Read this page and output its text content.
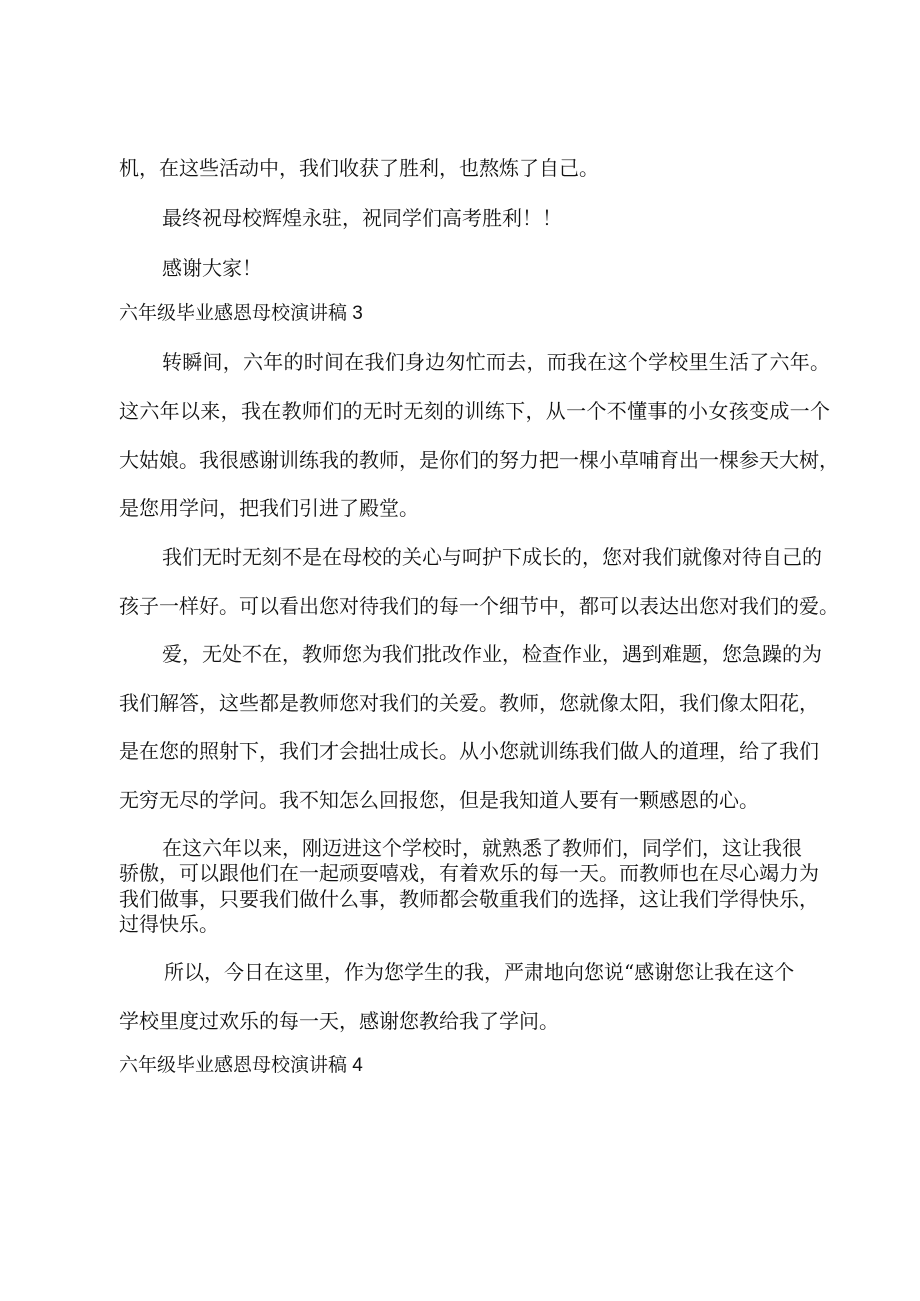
机，在这些活动中，我们收获了胜利，也熬炼了自己。
最终祝母校辉煌永驻，祝同学们高考胜利！！
感谢大家！
六年级毕业感恩母校演讲稿 3
转瞬间，六年的时间在我们身边匆忙而去，而我在这个学校里生活了六年。
这六年以来，我在教师们的无时无刻的训练下，从一个不懂事的小女孩变成一个
大姑娘。我很感谢训练我的教师，是你们的努力把一棵小草哺育出一棵参天大树，
是您用学问，把我们引进了殿堂。
我们无时无刻不是在母校的关心与呵护下成长的，您对我们就像对待自己的
孩子一样好。可以看出您对待我们的每一个细节中，都可以表达出您对我们的爱。
爱，无处不在，教师您为我们批改作业，检查作业，遇到难题，您急躁的为
我们解答，这些都是教师您对我们的关爱。教师，您就像太阳，我们像太阳花，
是在您的照射下，我们才会拙壮成长。从小您就训练我们做人的道理，给了我们
无穷无尽的学问。我不知怎么回报您，但是我知道人要有一颗感恩的心。
在这六年以来，刚迈进这个学校时，就熟悉了教师们，同学们，这让我很
骄傲，可以跟他们在一起顽耍嘻戏，有着欢乐的每一天。而教师也在尽心竭力为
我们做事，只要我们做什么事，教师都会敬重我们的选择，这让我们学得快乐，
过得快乐。
所以，今日在这里，作为您学生的我，严肃地向您说“感谢您让我在这个
学校里度过欢乐的每一天，感谢您教给我了学问。
六年级毕业感恩母校演讲稿 4
